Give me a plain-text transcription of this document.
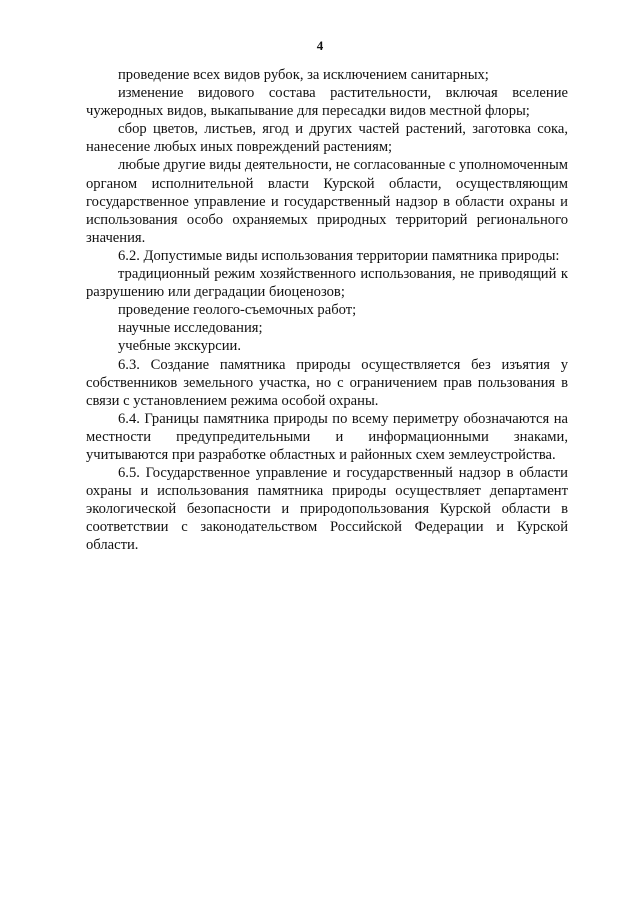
4

проведение всех видов рубок, за исключением санитарных;

изменение видового состава растительности, включая вселение чужеродных видов, выкапывание для пересадки видов местной флоры;

сбор цветов, листьев, ягод и других частей растений, заготовка сока, нанесение любых иных повреждений растениям;

любые другие виды деятельности, не согласованные с уполномоченным органом исполнительной власти Курской области, осуществляющим государственное управление и государственный надзор в области охраны и использования особо охраняемых природных территорий регионального значения.

6.2. Допустимые виды использования территории памятника природы:

традиционный режим хозяйственного использования, не приводящий к разрушению или деградации биоценозов;

проведение геолого-съемочных работ;

научные исследования;

учебные экскурсии.

6.3. Создание памятника природы осуществляется без изъятия у собственников земельного участка, но с ограничением прав пользования в связи с установлением режима особой охраны.

6.4. Границы памятника природы по всему периметру обозначаются на местности предупредительными и информационными знаками, учитываются при разработке областных и районных схем землеустройства.

6.5. Государственное управление и государственный надзор в области охраны и использования памятника природы осуществляет департамент экологической безопасности и природопользования Курской области в соответствии с законодательством Российской Федерации и Курской области.
